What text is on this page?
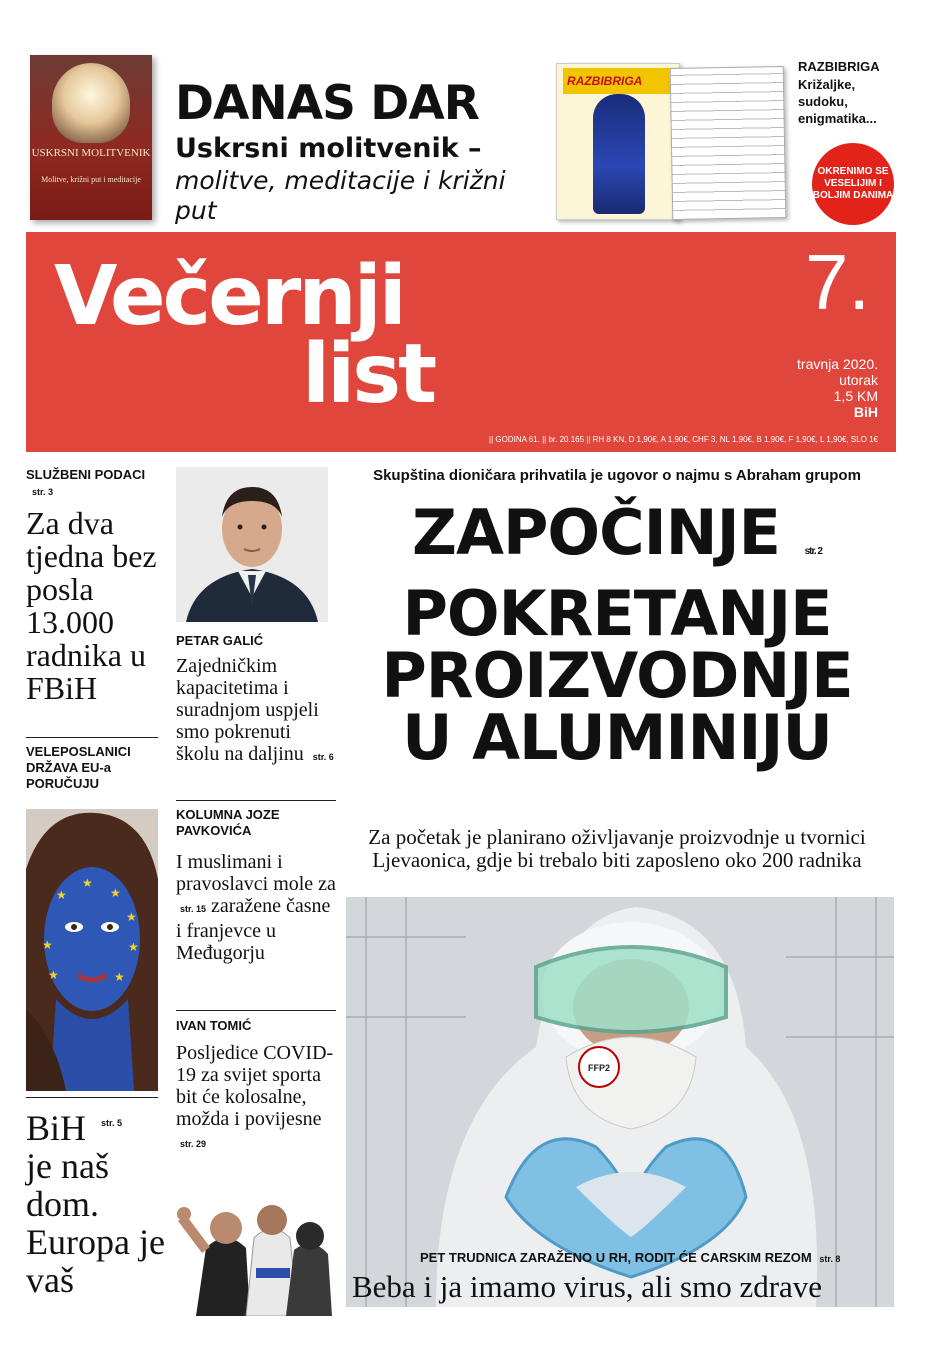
USKRSNI MOLITVENIK
Molitve, križni put i meditacije
DANAS DAR
Uskrsni molitvenik –
molitve, meditacije i križni put
RAZBIBRIGA
RAZBIBRIGA
Križaljke, sudoku, enigmatika...
OKRENIMO SE VESELIJIM I BOLJIM DANIMA
Večernji
list
7.
travnja 2020.
utorak
1,5 KM
BiH
|| GODINA 61. || br. 20.165 || RH 8 KN, D 1,90€, A 1,90€, CHF 3, NL 1,90€, B 1,90€, F 1,90€, L 1,90€, SLO 1€
SLUŽBENI PODACI str. 3
Za dva tjedna bez posla 13.000 radnika u FBiH
VELEPOSLANICI DRŽAVA EU-a PORUČUJU
★
★
★
★
★
★
★
★
BiH $^{str. 5}$
je naš dom. Europa je vaš
PETAR GALIĆ
Zajedničkim kapacitetima i suradnjom uspjeli smo pokrenuti školu na daljinu str. 6
KOLUMNA JOZE PAVKOVIĆA
I muslimani i pravoslavci mole za str. 15 zaražene časne i franjevce u Međugorju
IVAN TOMIĆ
Posljedice COVID-19 za svijet sporta bit će kolosalne, možda i povijesne str. 29
Skupština dioničara prihvatila je ugovor o najmu s Abraham grupom
ZAPOČINJE str. 2
POKRETANJE PROIZVODNJE U ALUMINIJU
Za početak je planirano oživljavanje proizvodnje u tvornici Ljevaonica, gdje bi trebalo biti zaposleno oko 200 radnika
FFP2
PET TRUDNICA ZARAŽENO U RH, RODIT ĆE CARSKIM REZOM str. 8
Beba i ja imamo virus, ali smo zdrave
